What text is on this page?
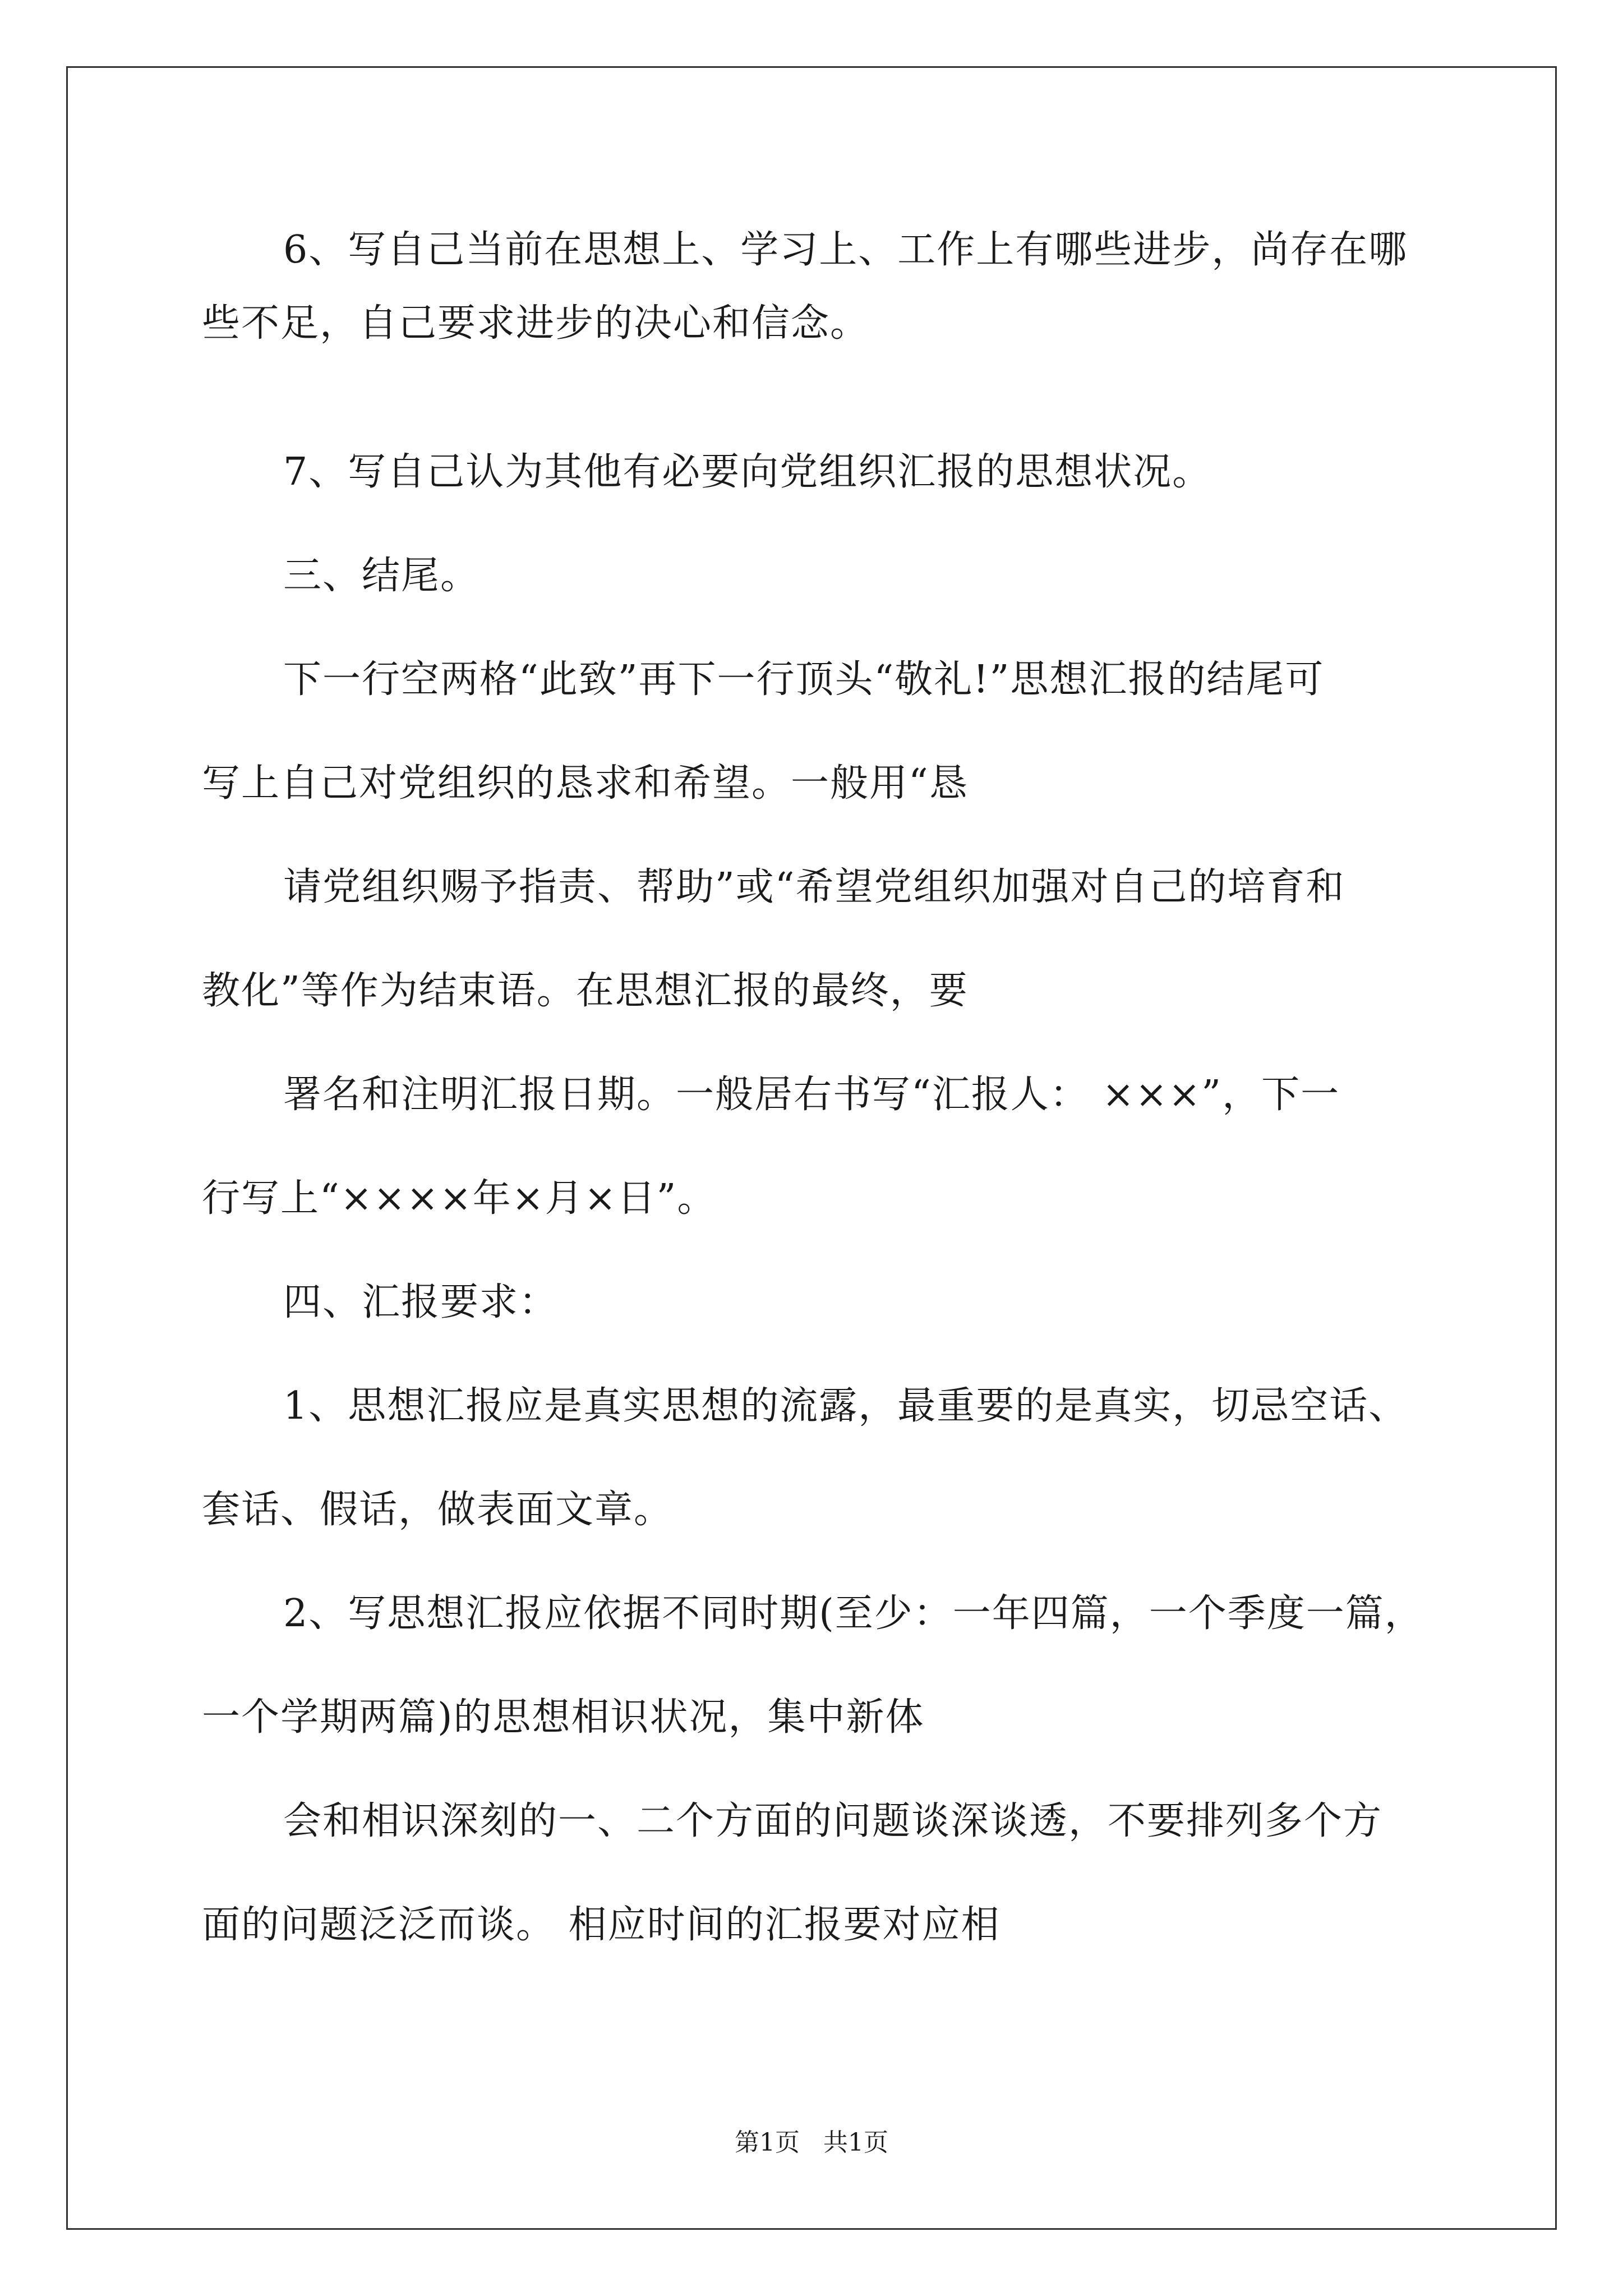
6、写自己当前在思想上、学习上、工作上有哪些进步，尚存在哪
些不足，自己要求进步的决心和信念。
7、写自己认为其他有必要向党组织汇报的思想状况。
三、结尾。
下一行空两格“此致”再下一行顶头“敬礼!”思想汇报的结尾可
写上自己对党组织的恳求和希望。一般用“恳
请党组织赐予指责、帮助”或“希望党组织加强对自己的培育和
教化”等作为结束语。在思想汇报的最终，要
署名和注明汇报日期。一般居右书写“汇报人： ×××”，下一
行写上“××××年×月×日”。
四、汇报要求：
1、思想汇报应是真实思想的流露，最重要的是真实，切忌空话、
套话、假话，做表面文章。
2、写思想汇报应依据不同时期(至少：一年四篇，一个季度一篇，
一个学期两篇)的思想相识状况，集中新体
会和相识深刻的一、二个方面的问题谈深谈透，不要排列多个方
面的问题泛泛而谈。 相应时间的汇报要对应相
第1页   共1页
